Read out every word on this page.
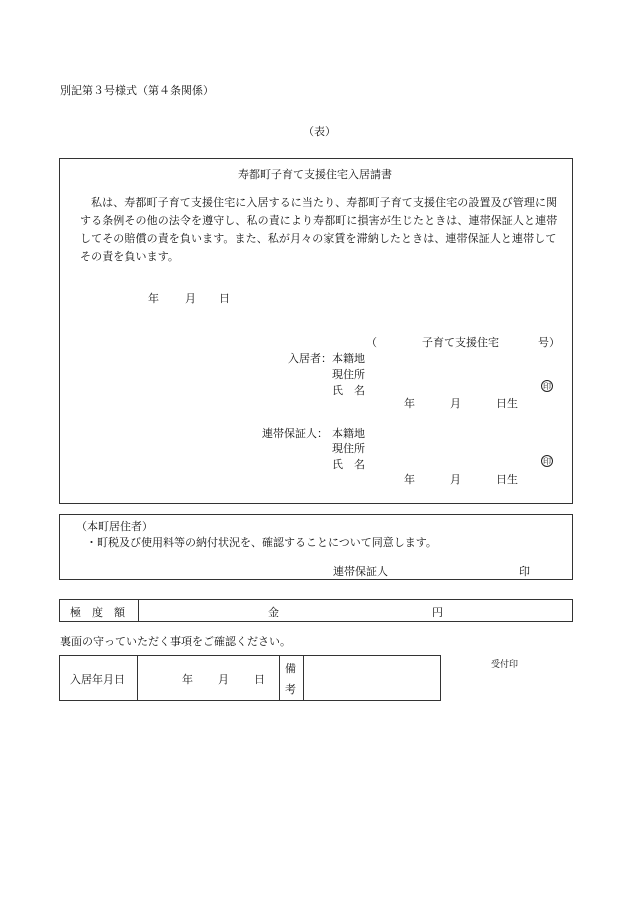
別記第３号様式（第４条関係）
（表）
寿都町子育て支援住宅入居請書

私は、寿都町子育て支援住宅に入居するに当たり、寿都町子育て支援住宅の設置及び管理に関する条例その他の法令を遵守し、私の責により寿都町に損害が生じたときは、連帯保証人と連帯してその賠償の責を負います。また、私が月々の家賃を滞納したときは、連帯保証人と連帯してその責を負います。

年 月 日
（	子育て支援住宅	号）
入居者： 本籍地
現住所
氏　名	印
年	月	日生
連帯保証人： 本籍地
現住所
氏　名	印
年	月	日生
（本町居住者）
・町税及び使用料等の納付状況を、確認することについて同意します。
連帯保証人	印
極　度　額	金	円
裏面の守っていただく事項をご確認ください。
入居年月日	年 月 日
備
考
受付印
